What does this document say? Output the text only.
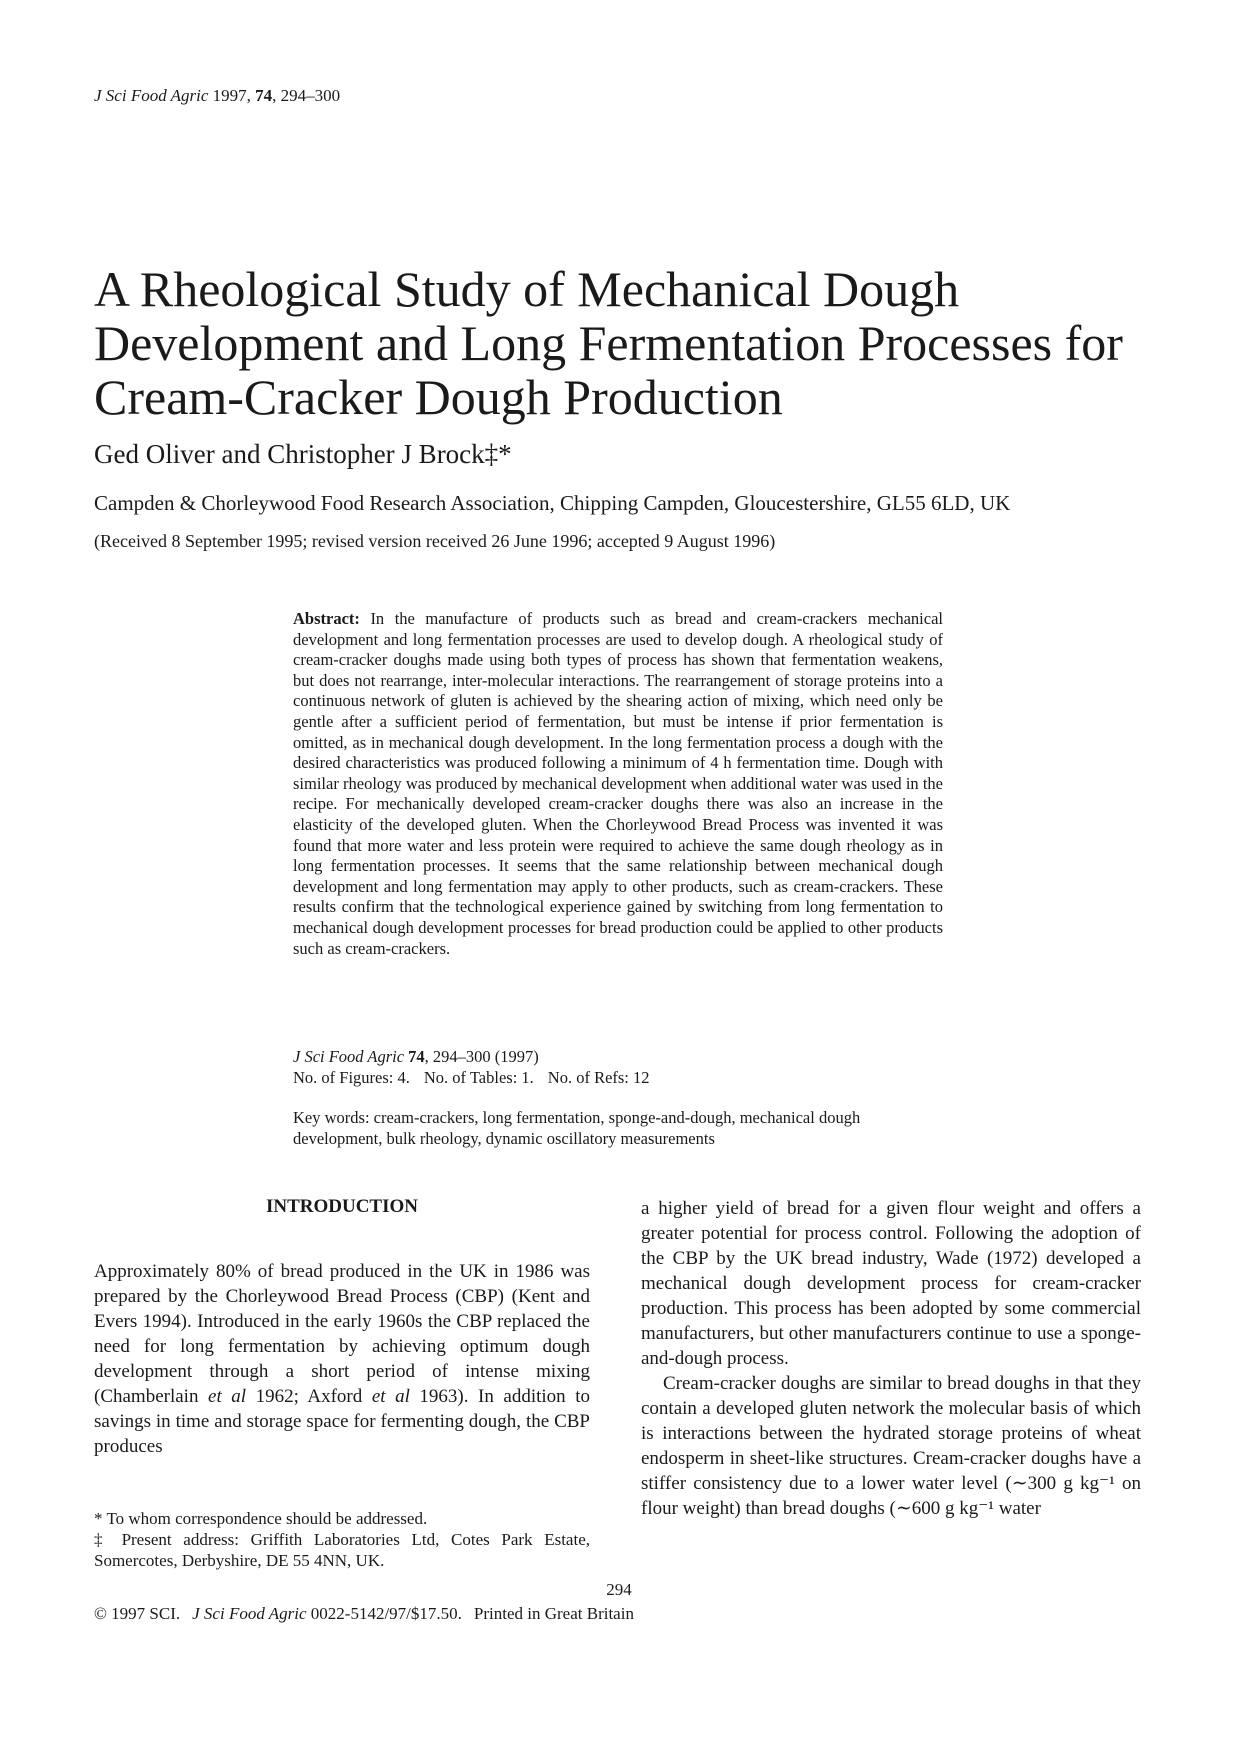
J Sci Food Agric 1997, 74, 294–300
A Rheological Study of Mechanical Dough Development and Long Fermentation Processes for Cream-Cracker Dough Production
Ged Oliver and Christopher J Brock‡*
Campden & Chorleywood Food Research Association, Chipping Campden, Gloucestershire, GL55 6LD, UK
(Received 8 September 1995; revised version received 26 June 1996; accepted 9 August 1996)
Abstract: In the manufacture of products such as bread and cream-crackers mechanical development and long fermentation processes are used to develop dough. A rheological study of cream-cracker doughs made using both types of process has shown that fermentation weakens, but does not rearrange, inter-molecular interactions. The rearrangement of storage proteins into a continuous network of gluten is achieved by the shearing action of mixing, which need only be gentle after a sufficient period of fermentation, but must be intense if prior fermentation is omitted, as in mechanical dough development. In the long fermentation process a dough with the desired characteristics was produced following a minimum of 4 h fermentation time. Dough with similar rheology was produced by mechanical development when additional water was used in the recipe. For mechanically developed cream-cracker doughs there was also an increase in the elasticity of the developed gluten. When the Chorleywood Bread Process was invented it was found that more water and less protein were required to achieve the same dough rheology as in long fermentation processes. It seems that the same relationship between mechanical dough development and long fermentation may apply to other products, such as cream-crackers. These results confirm that the technological experience gained by switching from long fermentation to mechanical dough development processes for bread production could be applied to other products such as cream-crackers.
J Sci Food Agric 74, 294–300 (1997)
No. of Figures: 4. No. of Tables: 1. No. of Refs: 12
Key words: cream-crackers, long fermentation, sponge-and-dough, mechanical dough development, bulk rheology, dynamic oscillatory measurements
INTRODUCTION

Approximately 80% of bread produced in the UK in 1986 was prepared by the Chorleywood Bread Process (CBP) (Kent and Evers 1994). Introduced in the early 1960s the CBP replaced the need for long fermentation by achieving optimum dough development through a short period of intense mixing (Chamberlain et al 1962; Axford et al 1963). In addition to savings in time and storage space for fermenting dough, the CBP produces

* To whom correspondence should be addressed.

‡ Present address: Griffith Laboratories Ltd, Cotes Park Estate, Somercotes, Derbyshire, DE 55 4NN, UK.

a higher yield of bread for a given flour weight and offers a greater potential for process control. Following the adoption of the CBP by the UK bread industry, Wade (1972) developed a mechanical dough development process for cream-cracker production. This process has been adopted by some commercial manufacturers, but other manufacturers continue to use a sponge-and-dough process.

Cream-cracker doughs are similar to bread doughs in that they contain a developed gluten network the molecular basis of which is interactions between the hydrated storage proteins of wheat endosperm in sheet-like structures. Cream-cracker doughs have a stiffer consistency due to a lower water level (∼300 g kg⁻¹ on flour weight) than bread doughs (∼600 g kg⁻¹ water

294
© 1997 SCI. J Sci Food Agric 0022-5142/97/$17.50. Printed in Great Britain
